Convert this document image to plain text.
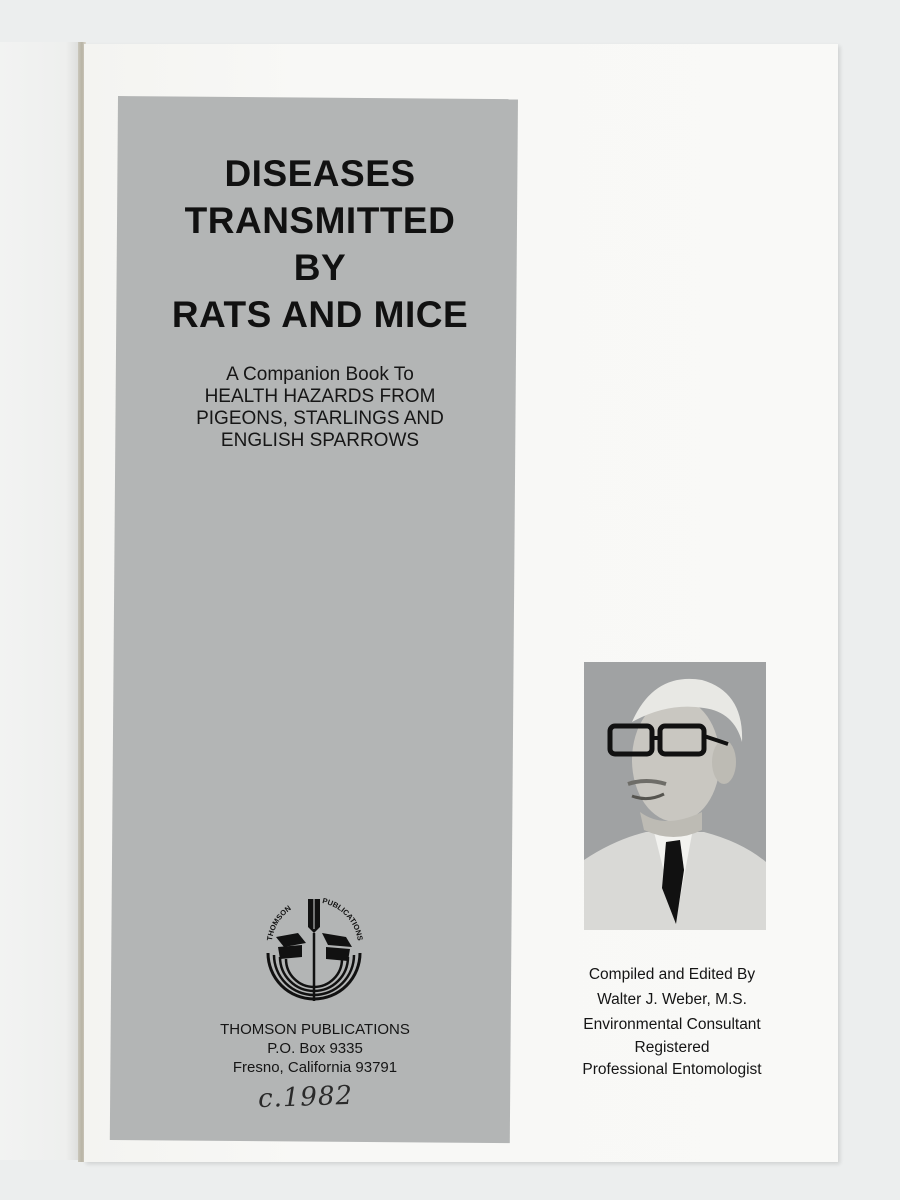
DISEASES
TRANSMITTED
BY
RATS AND MICE
A Companion Book To
HEALTH HAZARDS FROM
PIGEONS, STARLINGS AND
ENGLISH SPARROWS
THOMSON
PUBLICATIONS
THOMSON PUBLICATIONS
P.O. Box 9335
Fresno, California 93791
c.1982
Compiled and Edited By
Walter J. Weber, M.S.
Environmental Consultant
Registered
Professional Entomologist
